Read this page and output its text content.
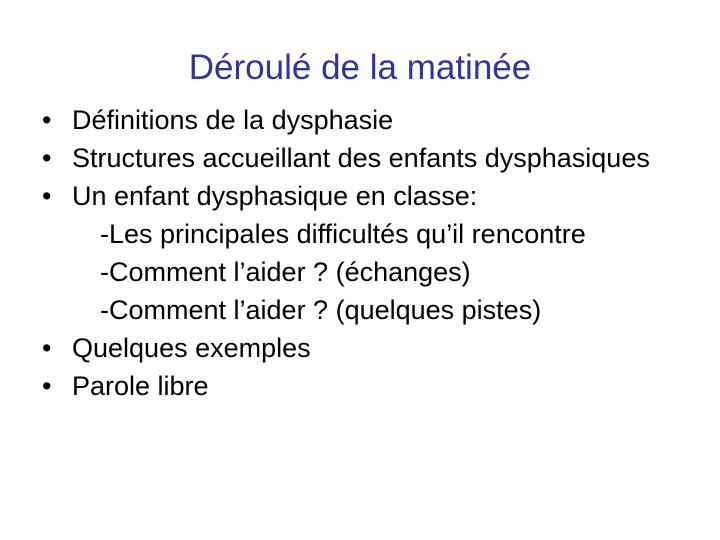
Déroulé de la matinée
• Définitions de la dysphasie
• Structures accueillant des enfants dysphasiques
• Un enfant dysphasique en classe:
-Les principales difficultés qu’il rencontre
-Comment l’aider ? (échanges)
-Comment l’aider ? (quelques pistes)
• Quelques exemples
• Parole libre
